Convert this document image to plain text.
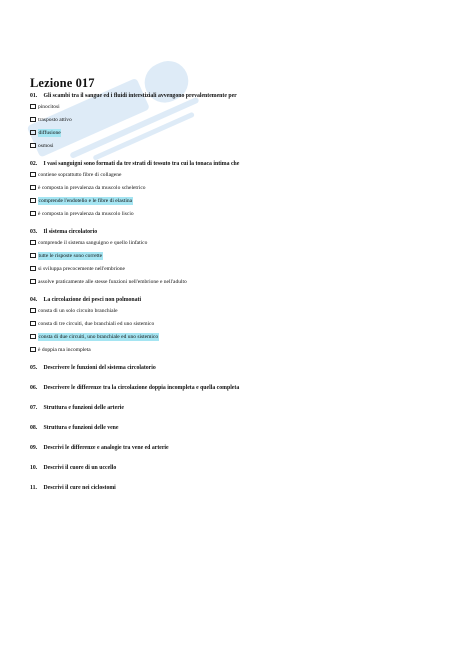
Lezione 017
01. Gli scambi tra il sangue ed i fluidi interstiziali avvengono prevalentemente per
pinocitosi
trasposto attivo
diffusione
osmosi
02. I vasi sanguigni sono formati da tre strati di tessuto tra cui la tonaca intima che
contiene soprattutto fibre di collagene
è composta in prevalenza da muscolo scheletrico
comprende l'endotelio e le fibre di elastina
è composta in prevalenza da muscolo liscio
03. Il sistema circolatorio
comprende il sistema sanguigno e quello linfatico
tutte le risposte sono corrette
si sviluppa precocemente nell'embrione
assolve praticamente alle stesse funzioni nell'embrione e nell'adulto
04. La circolazione dei pesci non polmonati
consta di un solo circuito branchiale
consta di tre circuiti, due branchiali ed uno sistemico
consta di due circuiti, uno branchiale ed uno sistemico
è doppia ma incompleta
05. Descrivere le funzioni del sistema circolatorio
06. Descrivere le differenze tra la circolazione doppia incompleta e quella completa
07. Struttura e funzioni delle arterie
08. Struttura e funzioni delle vene
09. Descrivi le differenze e analogie tra vene ed arterie
10. Descrivi il cuore di un uccello
11. Descrivi il cure nei ciclostomi
